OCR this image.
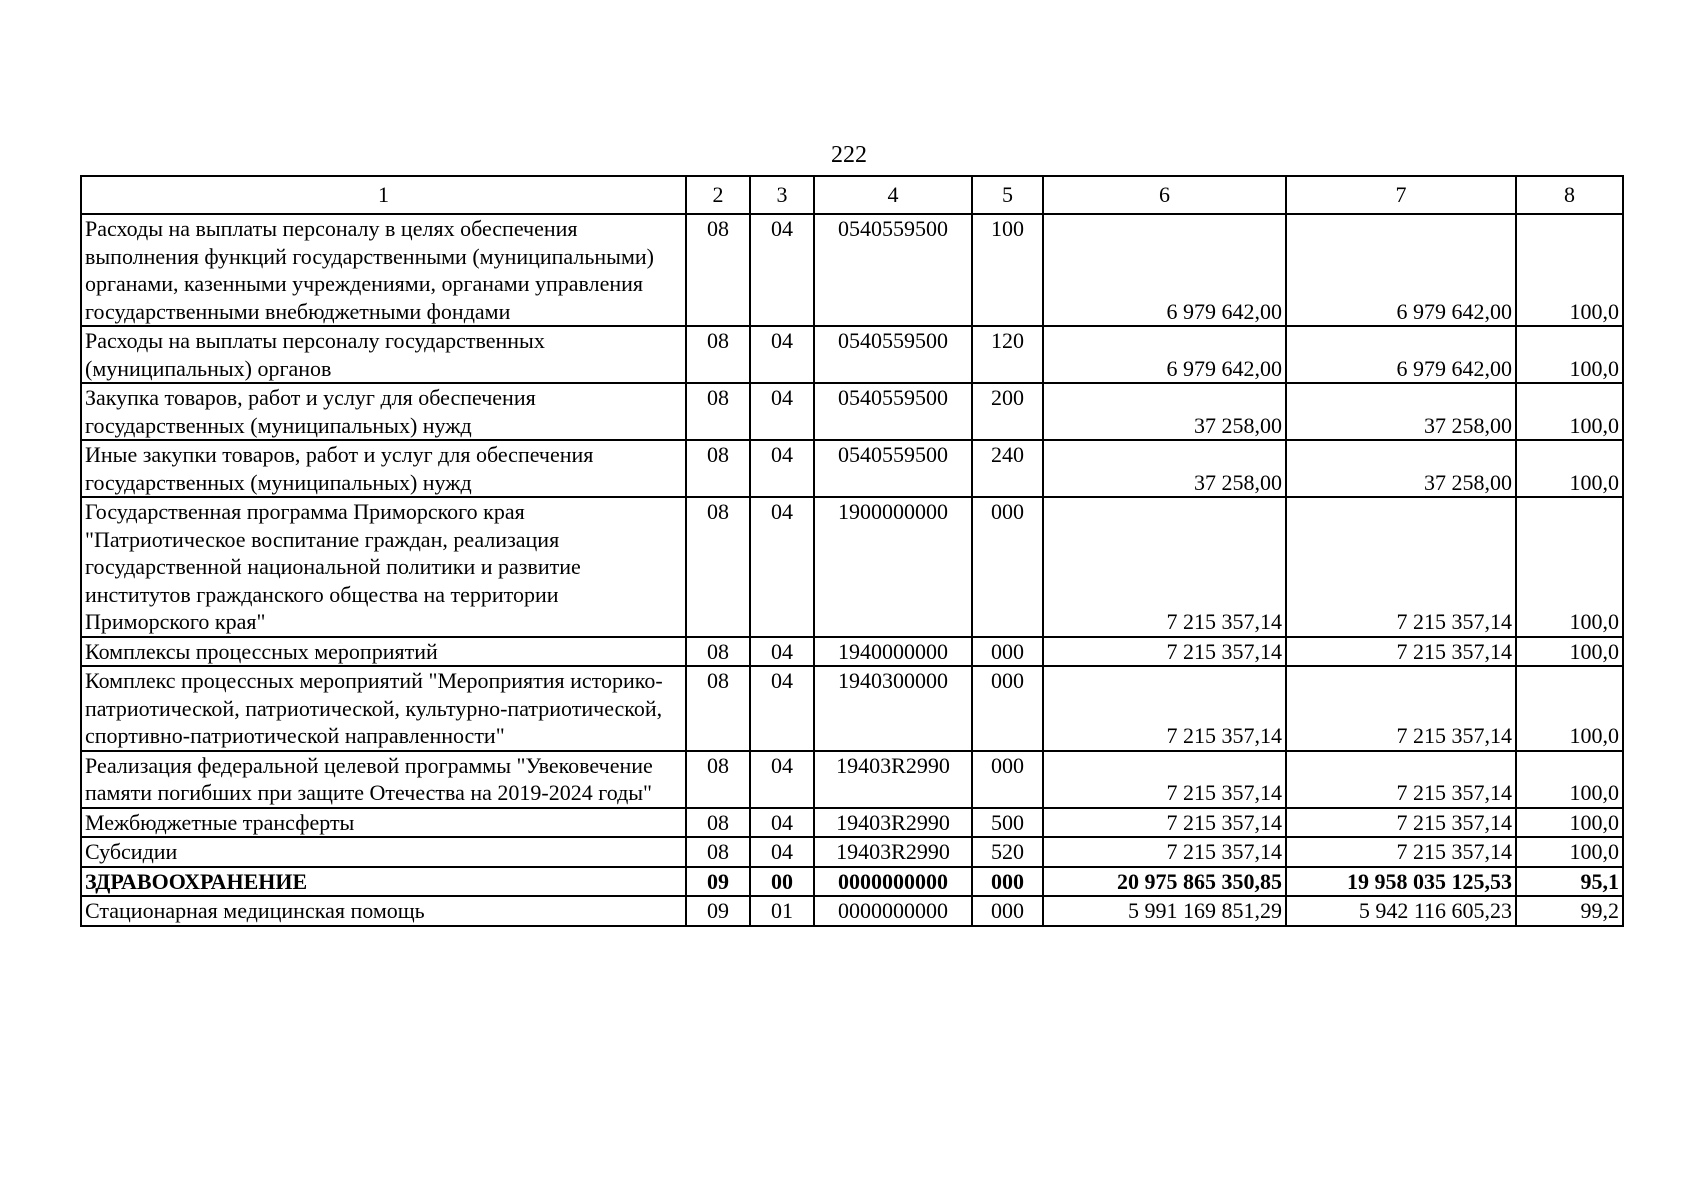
222
1	2	3	4	5	6	7	8
Расходы на выплаты персоналу в целях обеспечения выполнения функций государственными (муниципальными) органами, казенными учреждениями, органами управления государственными внебюджетными фондами	08	04	0540559500	100	6 979 642,00	6 979 642,00	100,0
Расходы на выплаты персоналу государственных (муниципальных) органов	08	04	0540559500	120	6 979 642,00	6 979 642,00	100,0
Закупка товаров, работ и услуг для обеспечения государственных (муниципальных) нужд	08	04	0540559500	200	37 258,00	37 258,00	100,0
Иные закупки товаров, работ и услуг для обеспечения государственных (муниципальных) нужд	08	04	0540559500	240	37 258,00	37 258,00	100,0
Государственная программа Приморского края "Патриотическое воспитание граждан, реализация государственной национальной политики и развитие институтов гражданского общества на территории Приморского края"	08	04	1900000000	000	7 215 357,14	7 215 357,14	100,0
Комплексы процессных мероприятий	08	04	1940000000	000	7 215 357,14	7 215 357,14	100,0
Комплекс процессных мероприятий "Мероприятия историко-патриотической, патриотической, культурно-патриотической, спортивно-патриотической направленности"	08	04	1940300000	000	7 215 357,14	7 215 357,14	100,0
Реализация федеральной целевой программы "Увековечение памяти погибших при защите Отечества на 2019-2024 годы"	08	04	19403R2990	000	7 215 357,14	7 215 357,14	100,0
Межбюджетные трансферты	08	04	19403R2990	500	7 215 357,14	7 215 357,14	100,0
Субсидии	08	04	19403R2990	520	7 215 357,14	7 215 357,14	100,0
ЗДРАВООХРАНЕНИЕ	09	00	0000000000	000	20 975 865 350,85	19 958 035 125,53	95,1
Стационарная медицинская помощь	09	01	0000000000	000	5 991 169 851,29	5 942 116 605,23	99,2
